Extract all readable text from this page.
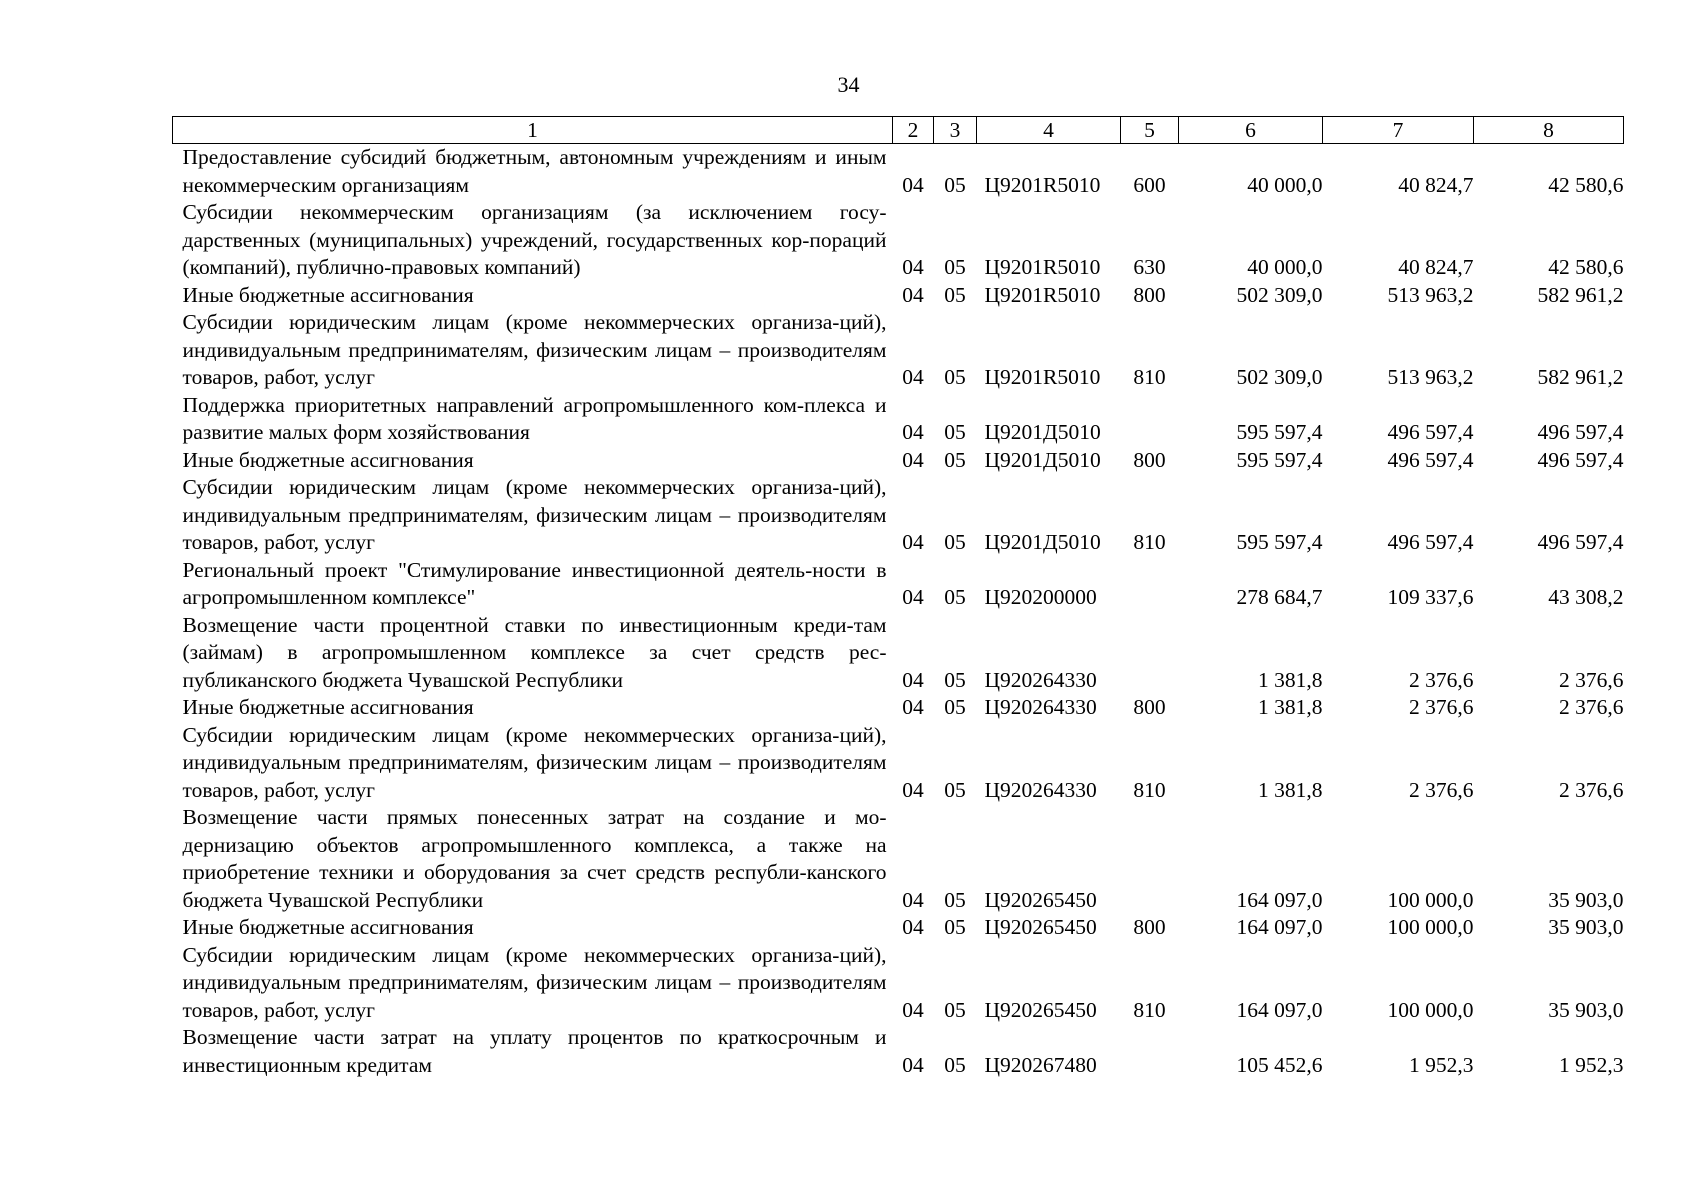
34
1	2	3	4	5	6	7	8
Предоставление субсидий бюджетным, автономным учреждениям и иным некоммерческим организациям	04	05	Ц9201R5010	600	40 000,0	40 824,7	42 580,6
Субсидии некоммерческим организациям (за исключением госу-дарственных (муниципальных) учреждений, государственных кор-пораций (компаний), публично-правовых компаний)	04	05	Ц9201R5010	630	40 000,0	40 824,7	42 580,6
Иные бюджетные ассигнования	04	05	Ц9201R5010	800	502 309,0	513 963,2	582 961,2
Субсидии юридическим лицам (кроме некоммерческих организа-ций), индивидуальным предпринимателям, физическим лицам – производителям товаров, работ, услуг	04	05	Ц9201R5010	810	502 309,0	513 963,2	582 961,2
Поддержка приоритетных направлений агропромышленного ком-плекса и развитие малых форм хозяйствования	04	05	Ц9201Д5010		595 597,4	496 597,4	496 597,4
Иные бюджетные ассигнования	04	05	Ц9201Д5010	800	595 597,4	496 597,4	496 597,4
Субсидии юридическим лицам (кроме некоммерческих организа-ций), индивидуальным предпринимателям, физическим лицам – производителям товаров, работ, услуг	04	05	Ц9201Д5010	810	595 597,4	496 597,4	496 597,4
Региональный проект "Стимулирование инвестиционной деятель-ности в агропромышленном комплексе"	04	05	Ц920200000		278 684,7	109 337,6	43 308,2
Возмещение части процентной ставки по инвестиционным креди-там (займам) в агропромышленном комплексе за счет средств рес-публиканского бюджета Чувашской Республики	04	05	Ц920264330		1 381,8	2 376,6	2 376,6
Иные бюджетные ассигнования	04	05	Ц920264330	800	1 381,8	2 376,6	2 376,6
Субсидии юридическим лицам (кроме некоммерческих организа-ций), индивидуальным предпринимателям, физическим лицам – производителям товаров, работ, услуг	04	05	Ц920264330	810	1 381,8	2 376,6	2 376,6
Возмещение части прямых понесенных затрат на создание и мо-дернизацию объектов агропромышленного комплекса, а также на приобретение техники и оборудования за счет средств республи-канского бюджета Чувашской Республики	04	05	Ц920265450		164 097,0	100 000,0	35 903,0
Иные бюджетные ассигнования	04	05	Ц920265450	800	164 097,0	100 000,0	35 903,0
Субсидии юридическим лицам (кроме некоммерческих организа-ций), индивидуальным предпринимателям, физическим лицам – производителям товаров, работ, услуг	04	05	Ц920265450	810	164 097,0	100 000,0	35 903,0
Возмещение части затрат на уплату процентов по краткосрочным и инвестиционным кредитам	04	05	Ц920267480		105 452,6	1 952,3	1 952,3
